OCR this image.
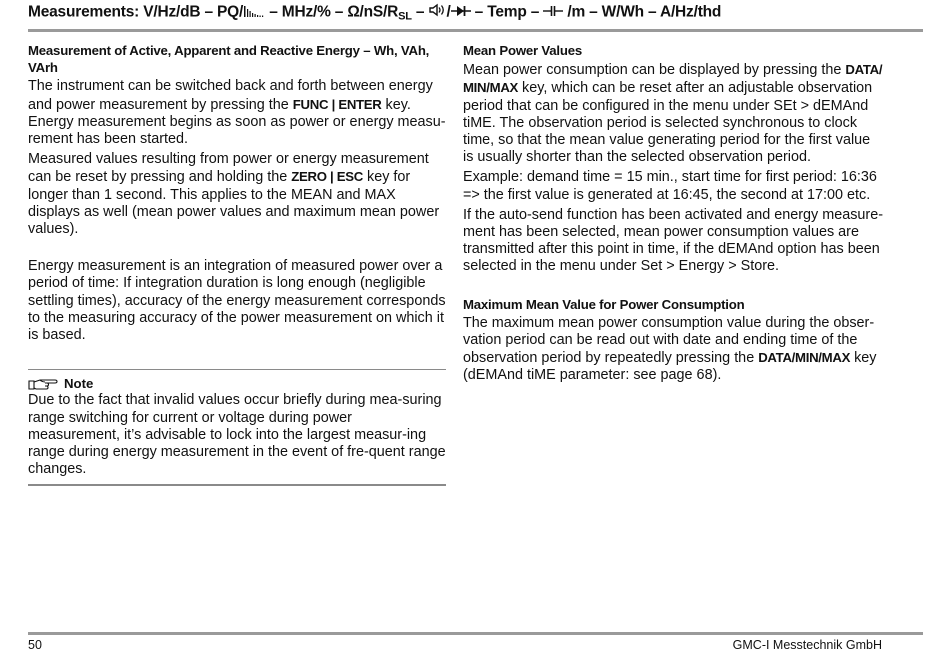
Measurements: $V/Hz/dB - PQ/ - MHz/\% - \Omega/nS/R_{SL}$ – / – Temp –  /m – W/Wh – A/Hz/thd
Measurement of Active, Apparent and Reactive Energy – Wh, VAh, VArh

The instrument can be switched back and forth between energy and power measurement by pressing the FUNC | ENTER key. Energy measurement begins as soon as power or energy measu-rement has been started.

Measured values resulting from power or energy measurement can be reset by pressing and holding the ZERO | ESC key for longer than 1 second. This applies to the MEAN and MAX displays as well (mean power values and maximum mean power values).

Energy measurement is an integration of measured power over a period of time: If integration duration is long enough (negligible settling times), accuracy of the energy measurement corresponds to the measuring accuracy of the power measurement on which it is based.

Note

Due to the fact that invalid values occur briefly during mea-suring range switching for current or voltage during power measurement, it’s advisable to lock into the largest measur-ing range during energy measurement in the event of fre-quent range changes.

Mean Power Values

Mean power consumption can be displayed by pressing the DATA/ MIN/MAX key, which can be reset after an adjustable observation period that can be configured in the menu under SEt > dEMAnd tiME. The observation period is selected synchronous to clock time, so that the mean value generating period for the first value is usually shorter than the selected observation period.

Example: demand time = 15 min., start time for first period: 16:36 => the first value is generated at 16:45, the second at 17:00 etc.

If the auto-send function has been activated and energy measure-ment has been selected, mean power consumption values are transmitted after this point in time, if the dEMAnd option has been selected in the menu under Set > Energy > Store.

Maximum Mean Value for Power Consumption

The maximum mean power consumption value during the obser-vation period can be read out with date and ending time of the observation period by repeatedly pressing the DATA/MIN/MAX key (dEMAnd tiME parameter: see page 68).

50	GMC-I Messtechnik GmbH
